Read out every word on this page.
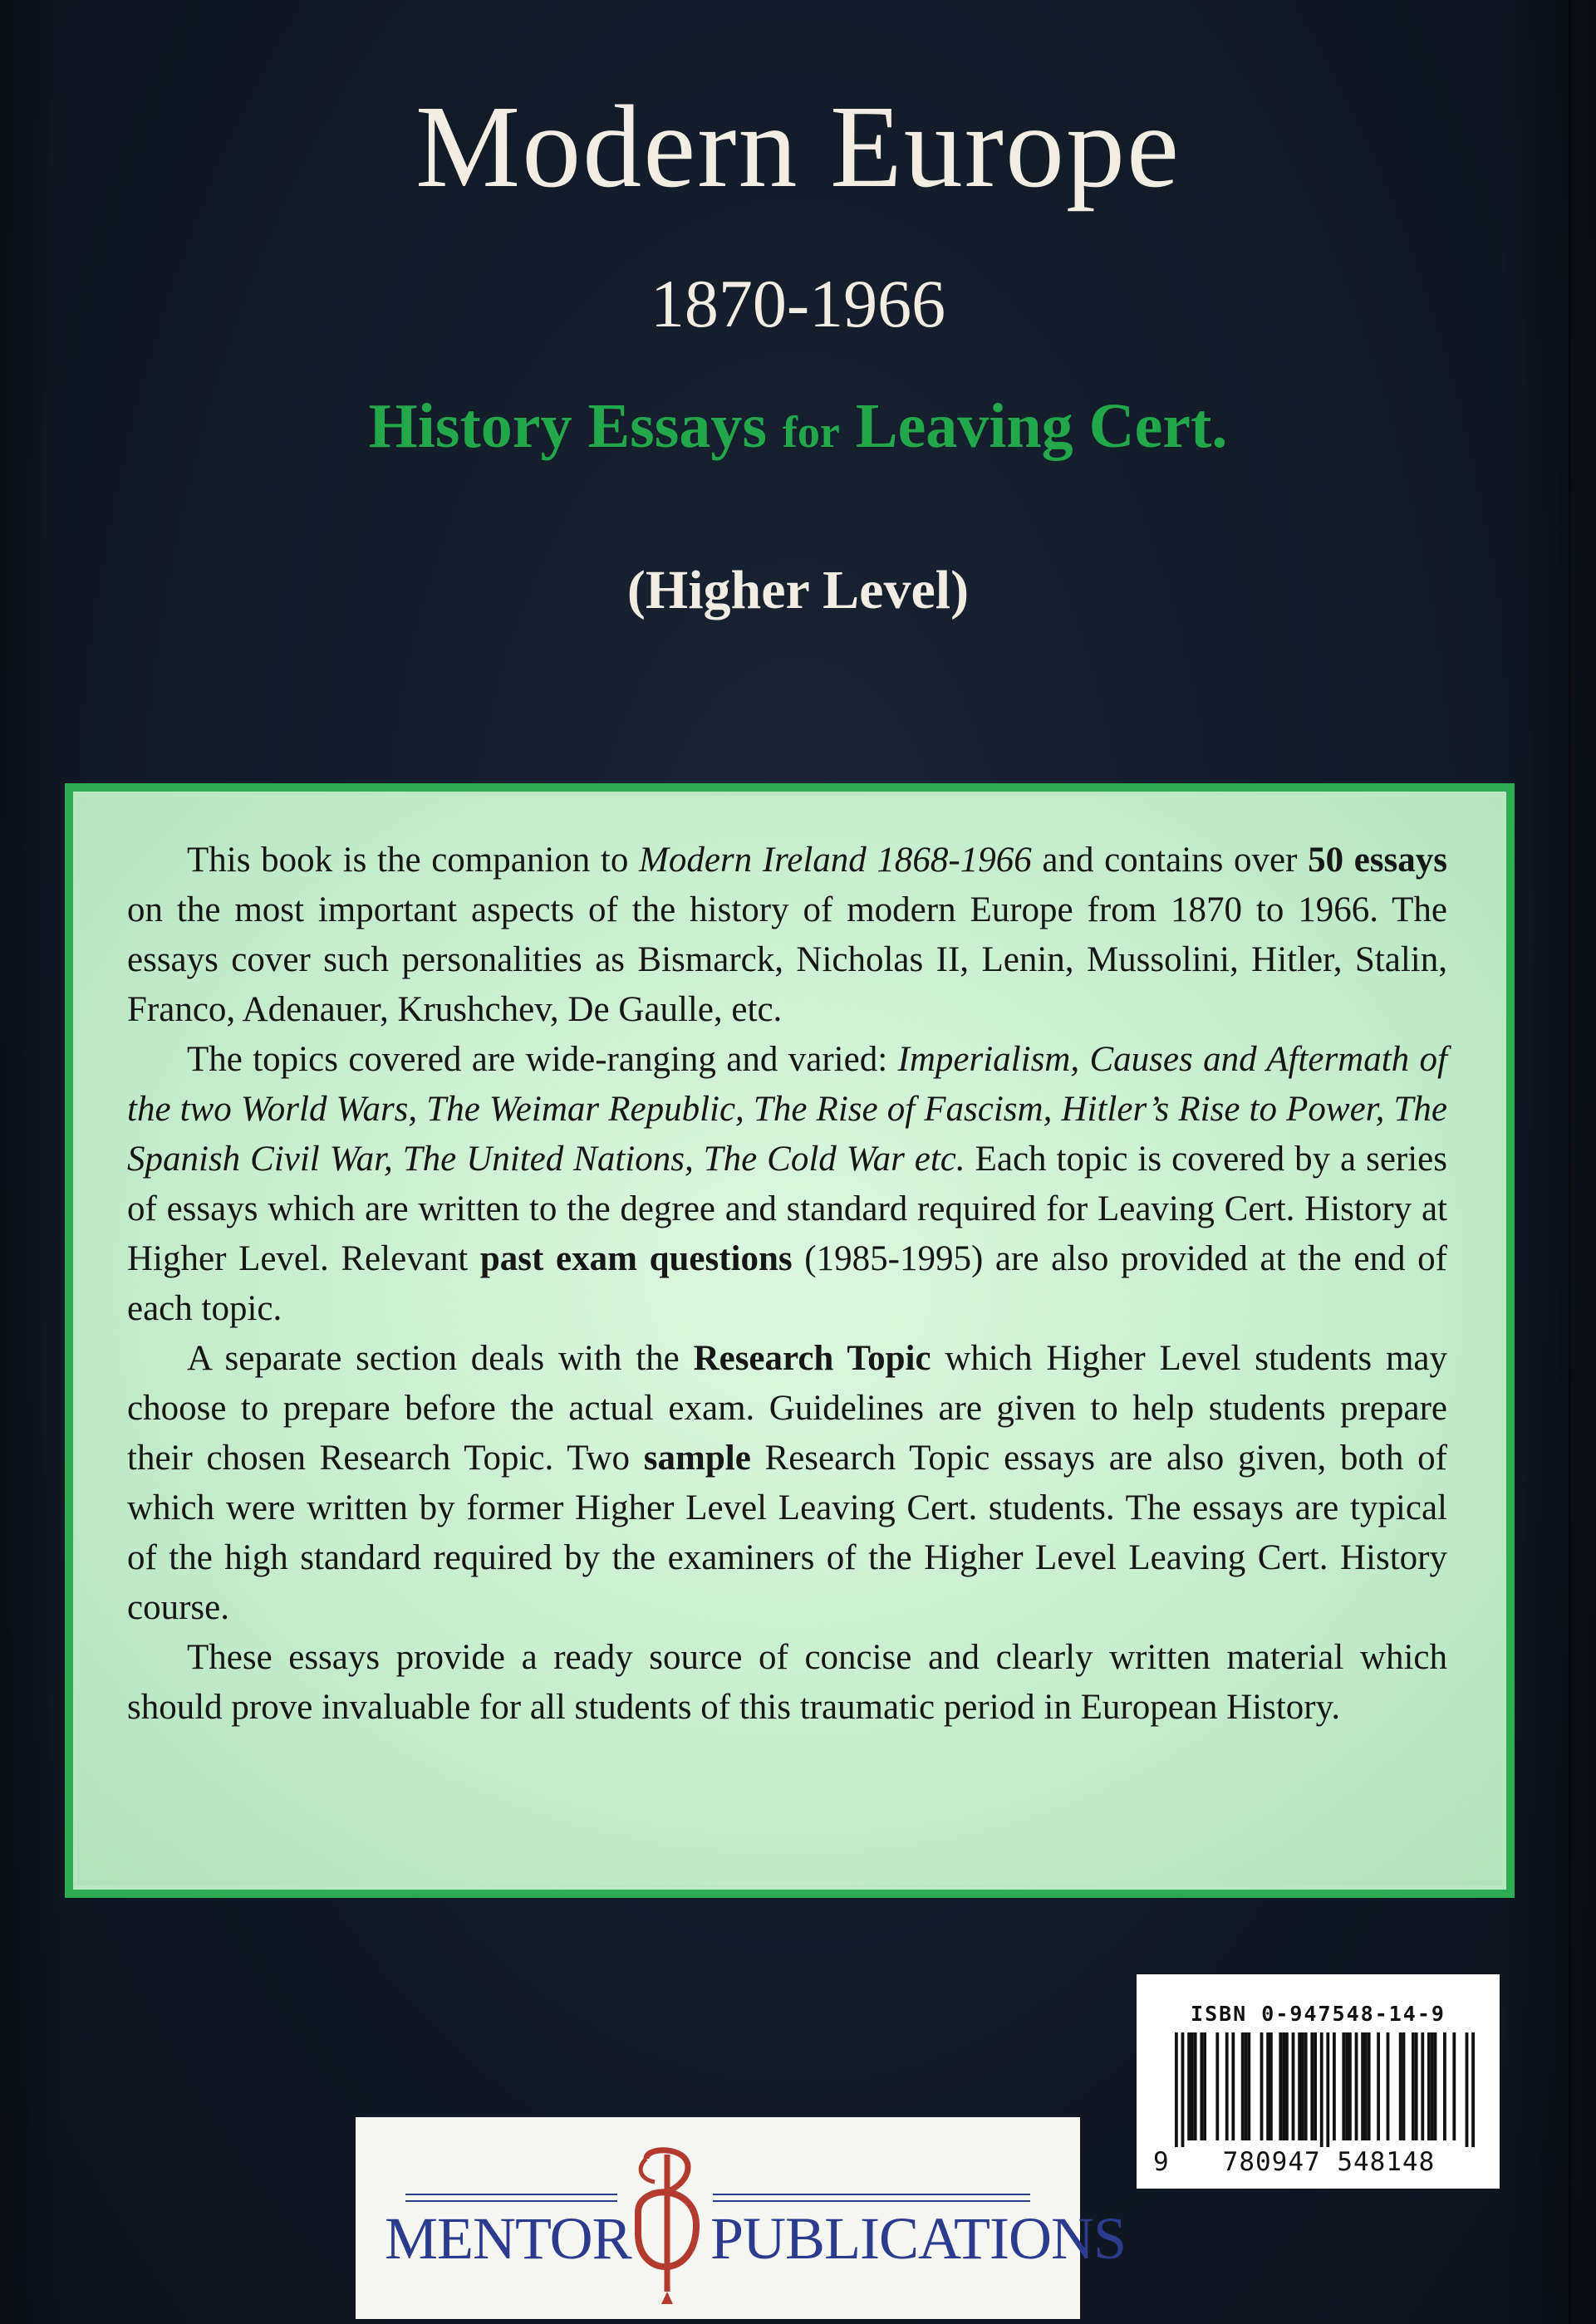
Modern Europe
1870-1966
History Essays for Leaving Cert.
(Higher Level)

This book is the companion to Modern Ireland 1868-1966 and contains over 50 essays on the most important aspects of the history of modern Europe from 1870 to 1966. The essays cover such personalities as Bismarck, Nicholas II, Lenin, Mussolini, Hitler, Stalin, Franco, Adenauer, Krushchev, De Gaulle, etc.

The topics covered are wide-ranging and varied: Imperialism, Causes and Aftermath of the two World Wars, The Weimar Republic, The Rise of Fascism, Hitler’s Rise to Power, The Spanish Civil War, The United Nations, The Cold War etc. Each topic is covered by a series of essays which are written to the degree and standard required for Leaving Cert. History at Higher Level. Relevant past exam questions (1985-1995) are also provided at the end of each topic.

A separate section deals with the Research Topic which Higher Level students may choose to prepare before the actual exam. Guidelines are given to help students prepare their chosen Research Topic. Two sample Research Topic essays are also given, both of which were written by former Higher Level Leaving Cert. students. The essays are typical of the high standard required by the examiners of the Higher Level Leaving Cert. History course.

These essays provide a ready source of concise and clearly written material which should prove invaluable for all students of this traumatic period in European History.

ISBN 0-947548-14-9
9	780947 548148

MENTOR PUBLICATIONS
